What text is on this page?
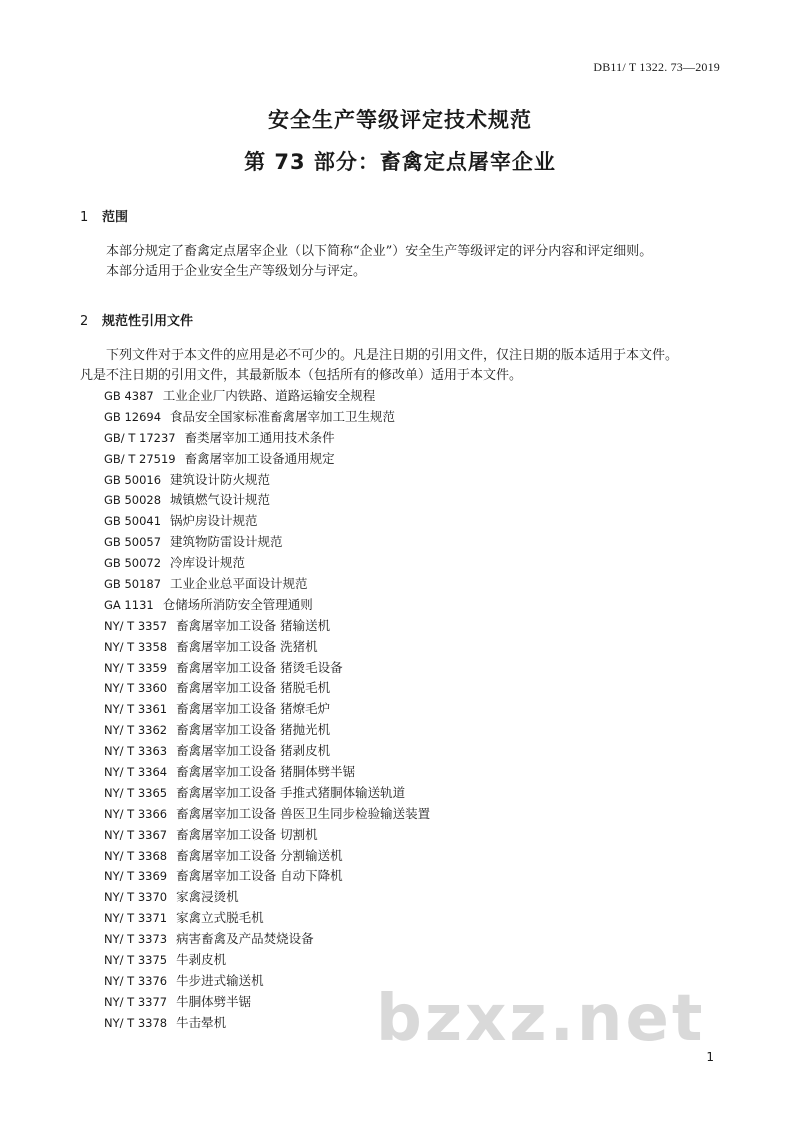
DB11/ T 1322. 73—2019
安全生产等级评定技术规范
第 73 部分：畜禽定点屠宰企业
1 范围

本部分规定了畜禽定点屠宰企业（以下简称“企业”）安全生产等级评定的评分内容和评定细则。

本部分适用于企业安全生产等级划分与评定。

2 规范性引用文件

下列文件对于本文件的应用是必不可少的。凡是注日期的引用文件，仅注日期的版本适用于本文件。

凡是不注日期的引用文件，其最新版本（包括所有的修改单）适用于本文件。

GB 4387 工业企业厂内铁路、道路运输安全规程
GB 12694 食品安全国家标准畜禽屠宰加工卫生规范
GB/ T 17237 畜类屠宰加工通用技术条件
GB/ T 27519 畜禽屠宰加工设备通用规定
GB 50016 建筑设计防火规范
GB 50028 城镇燃气设计规范
GB 50041 锅炉房设计规范
GB 50057 建筑物防雷设计规范
GB 50072 冷库设计规范
GB 50187 工业企业总平面设计规范
GA 1131 仓储场所消防安全管理通则
NY/ T 3357 畜禽屠宰加工设备 猪输送机
NY/ T 3358 畜禽屠宰加工设备 洗猪机
NY/ T 3359 畜禽屠宰加工设备 猪烫毛设备
NY/ T 3360 畜禽屠宰加工设备 猪脱毛机
NY/ T 3361 畜禽屠宰加工设备 猪燎毛炉
NY/ T 3362 畜禽屠宰加工设备 猪抛光机
NY/ T 3363 畜禽屠宰加工设备 猪剥皮机
NY/ T 3364 畜禽屠宰加工设备 猪胴体劈半锯
NY/ T 3365 畜禽屠宰加工设备 手推式猪胴体输送轨道
NY/ T 3366 畜禽屠宰加工设备 兽医卫生同步检验输送装置
NY/ T 3367 畜禽屠宰加工设备 切割机
NY/ T 3368 畜禽屠宰加工设备 分割输送机
NY/ T 3369 畜禽屠宰加工设备 自动下降机
NY/ T 3370 家禽浸烫机
NY/ T 3371 家禽立式脱毛机
NY/ T 3373 病害畜禽及产品焚烧设备
NY/ T 3375 牛剥皮机
NY/ T 3376 牛步进式输送机
NY/ T 3377 牛胴体劈半锯
NY/ T 3378 牛击晕机
1
bzxz.net
